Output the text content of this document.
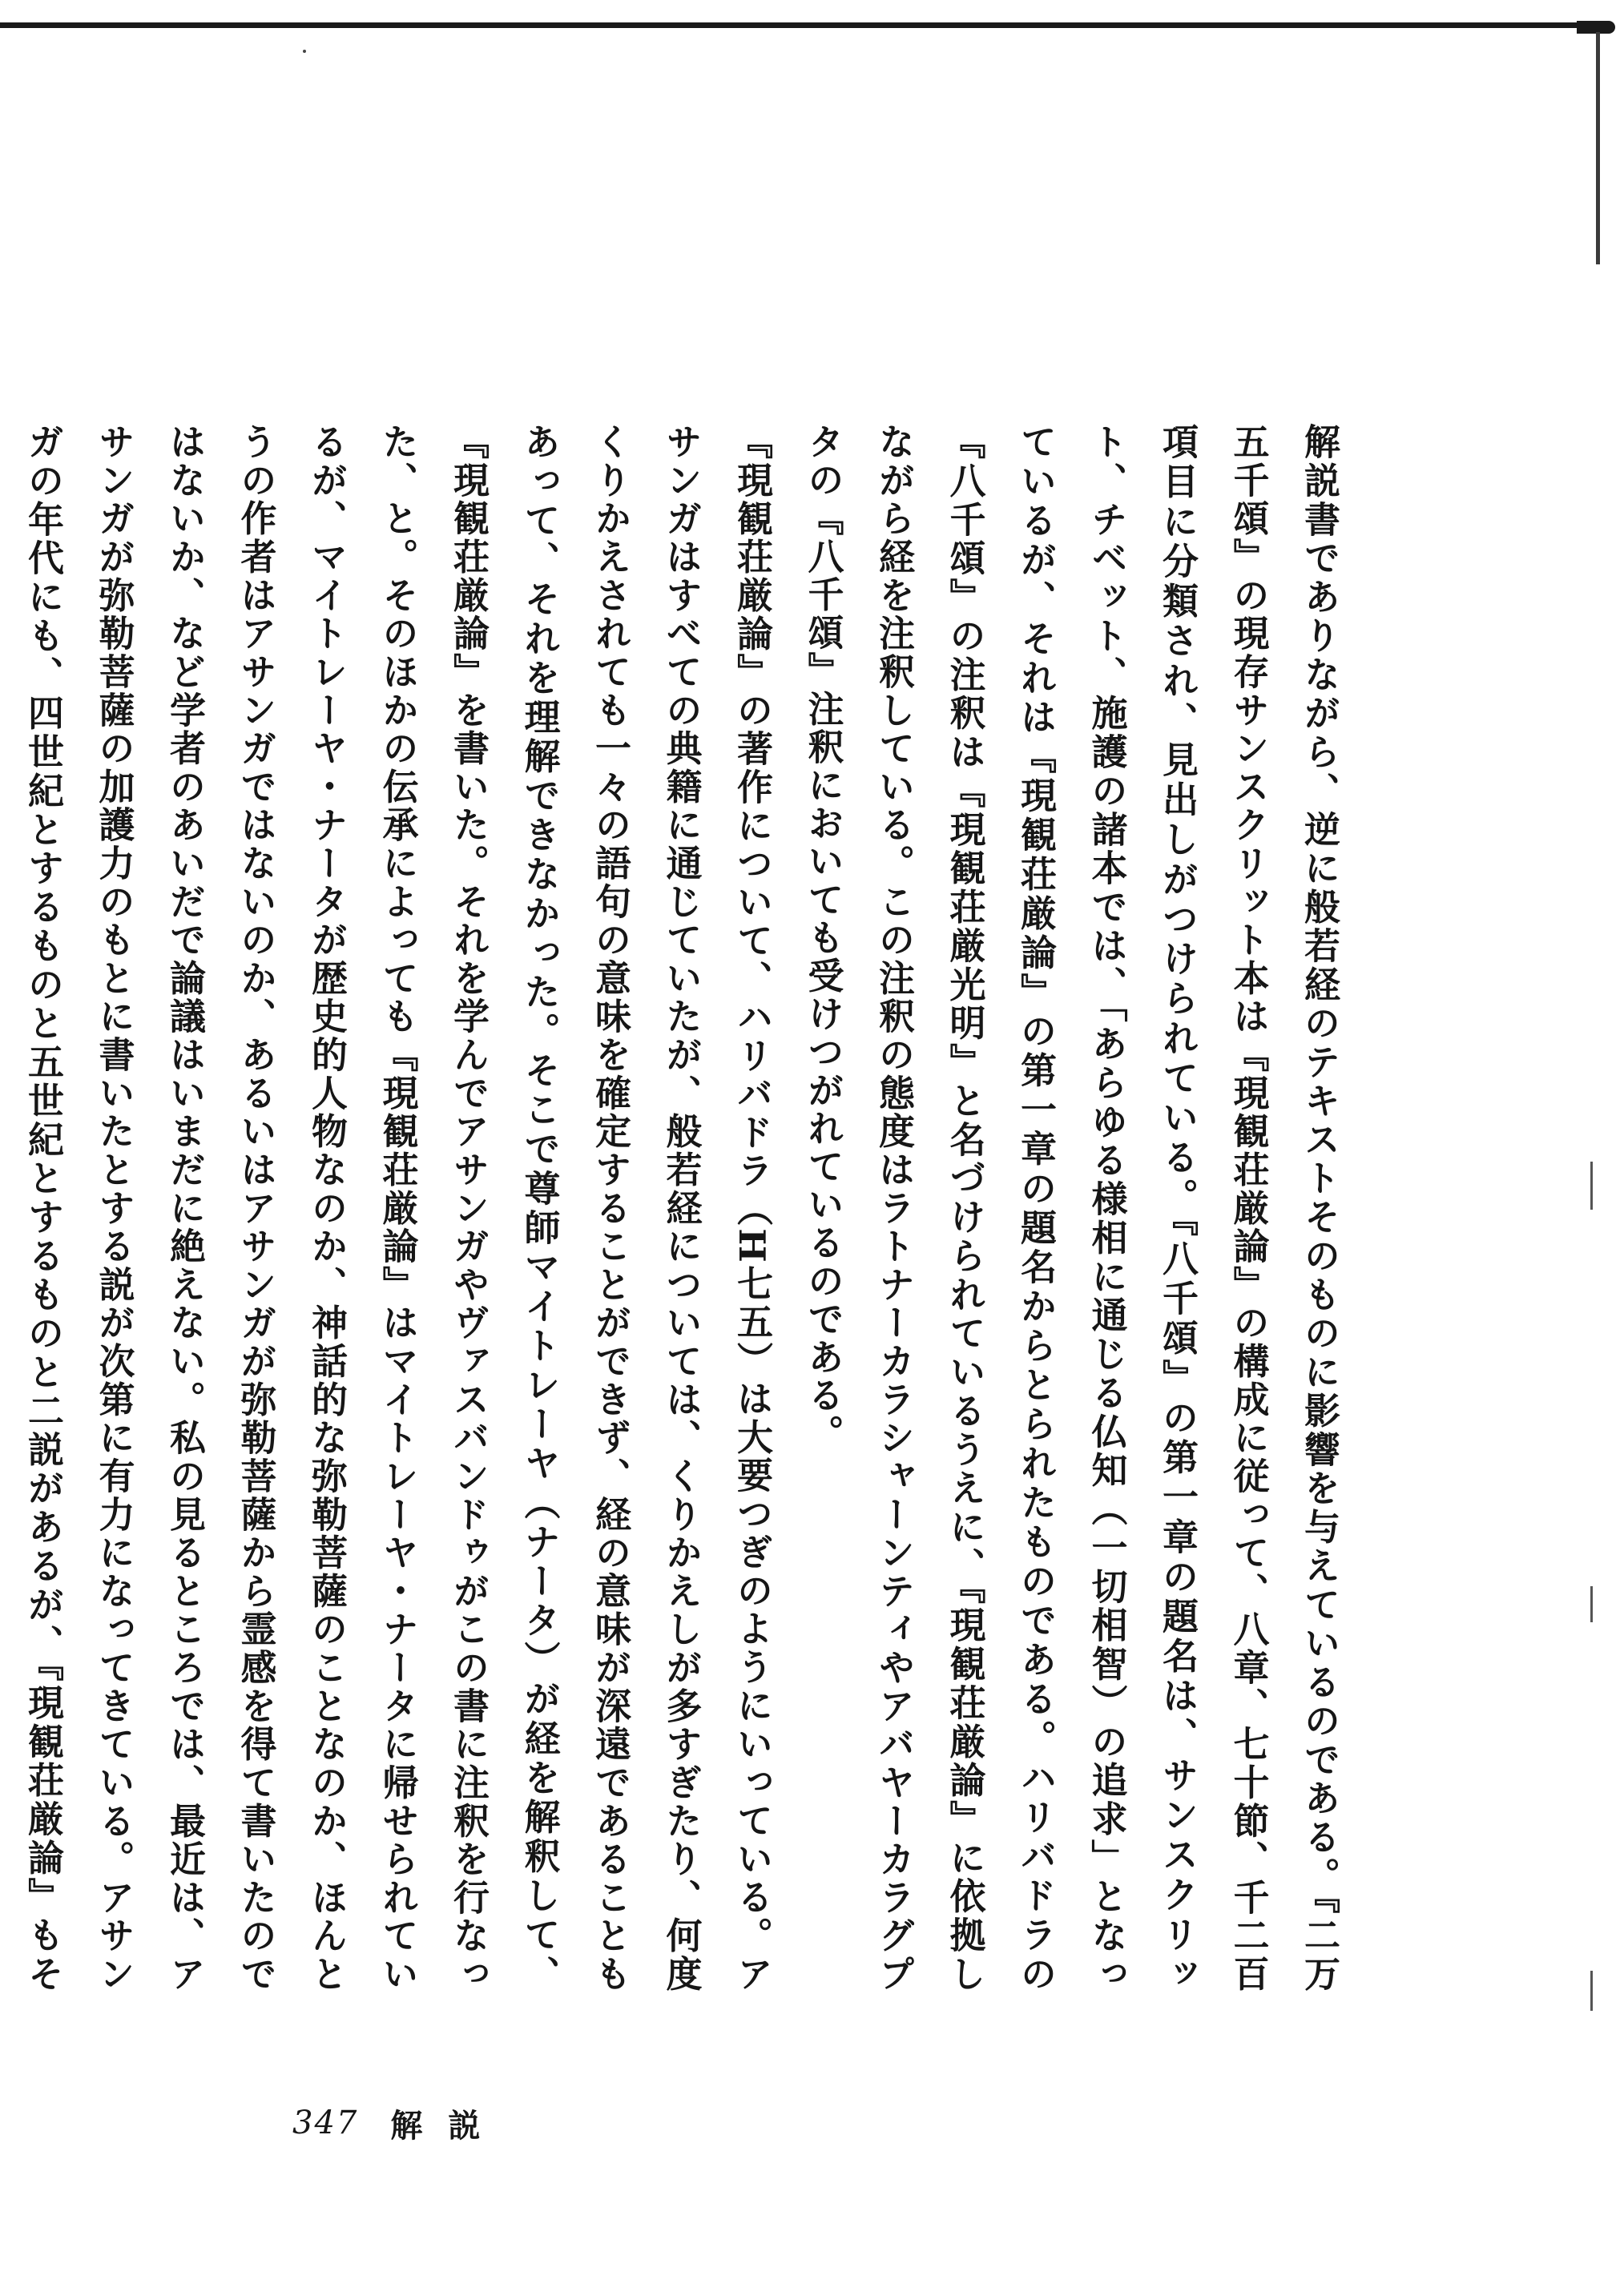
解説書でありながら、逆に般若経のテキストそのものに影響を与えているのである。『二万五千頌』の現存サンスクリット本は『現観荘厳論』の構成に従って、八章、七十節、千二百項目に分類され、見出しがつけられている。『八千頌』の第一章の題名は、サンスクリット、チベット、施護の諸本では、「あらゆる様相に通じる仏知（一切相智）の追求」となっているが、それは『現観荘厳論』の第一章の題名からとられたものである。ハリバドラの『八千頌』の注釈は『現観荘厳光明』と名づけられているうえに、『現観荘厳論』に依拠しながら経を注釈している。この注釈の態度はラトナーカラシャーンティやアバヤーカラグプタの『八千頌』注釈においても受けつがれているのである。
『現観荘厳論』の著作について、ハリバドラ（H七五）は大要つぎのようにいっている。アサンガはすべての典籍に通じていたが、般若経については、くりかえしが多すぎたり、何度くりかえされても一々の語句の意味を確定することができず、経の意味が深遠であることもあって、それを理解できなかった。そこで尊師マイトレーヤ（ナータ）が経を解釈して、『現観荘厳論』を書いた。それを学んでアサンガやヴァスバンドゥがこの書に注釈を行なった、と。そのほかの伝承によっても『現観荘厳論』はマイトレーヤ・ナータに帰せられているが、マイトレーヤ・ナータが歴史的人物なのか、神話的な弥勒菩薩のことなのか、ほんとうの作者はアサンガではないのか、あるいはアサンガが弥勒菩薩から霊感を得て書いたのではないか、など学者のあいだで論議はいまだに絶えない。私の見るところでは、最近は、アサンガが弥勒菩薩の加護力のもとに書いたとする説が次第に有力になってきている。アサンガの年代にも、四世紀とするものと五世紀とするものと二説があるが、『現観荘厳論』もそ
347 解説
